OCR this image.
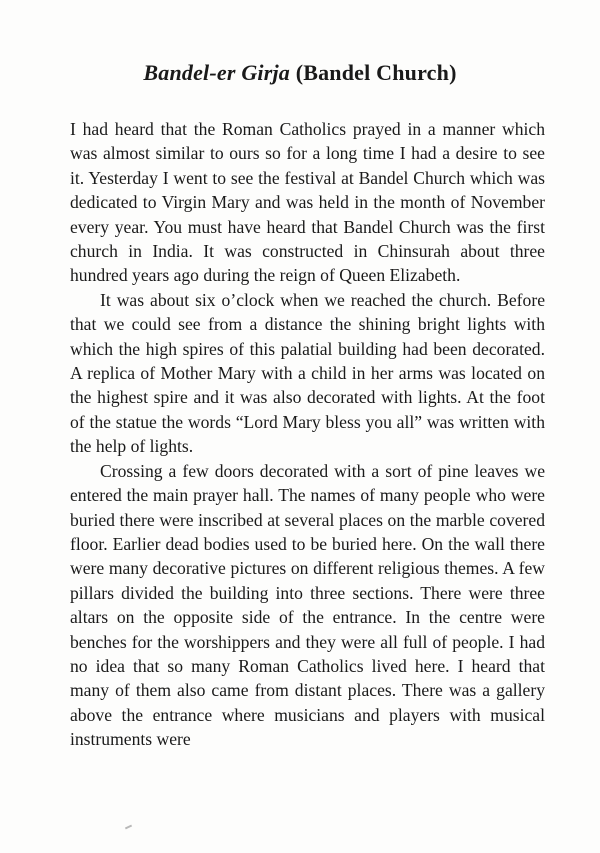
Bandel-er Girja (Bandel Church)

I had heard that the Roman Catholics prayed in a manner which was almost similar to ours so for a long time I had a desire to see it. Yesterday I went to see the festival at Bandel Church which was dedicated to Virgin Mary and was held in the month of November every year. You must have heard that Bandel Church was the first church in India. It was constructed in Chinsurah about three hundred years ago during the reign of Queen Elizabeth.

It was about six o’clock when we reached the church. Before that we could see from a distance the shining bright lights with which the high spires of this palatial building had been decorated. A replica of Mother Mary with a child in her arms was located on the highest spire and it was also decorated with lights. At the foot of the statue the words “Lord Mary bless you all” was written with the help of lights.

Crossing a few doors decorated with a sort of pine leaves we entered the main prayer hall. The names of many people who were buried there were inscribed at several places on the marble covered floor. Earlier dead bodies used to be buried here. On the wall there were many decorative pictures on different religious themes. A few pillars divided the building into three sections. There were three altars on the opposite side of the entrance. In the centre were benches for the worshippers and they were all full of people. I had no idea that so many Roman Catholics lived here. I heard that many of them also came from distant places. There was a gallery above the entrance where musicians and players with musical instruments were
